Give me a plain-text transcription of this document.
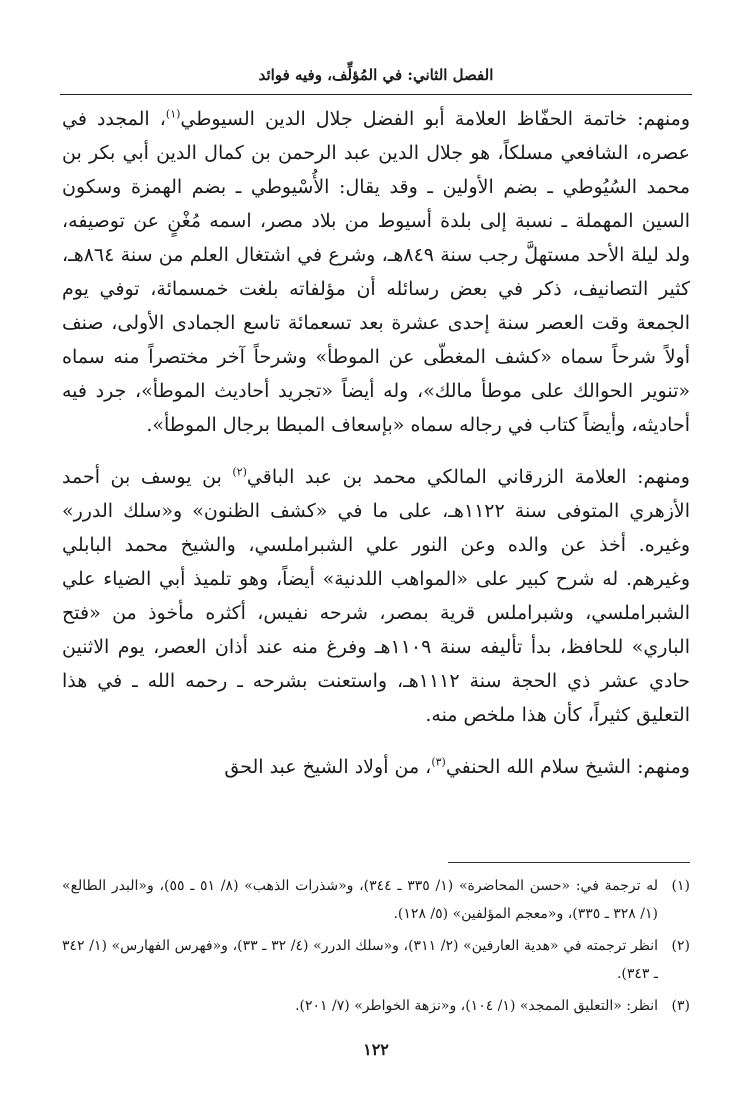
الفصل الثاني: في المُؤلِّف، وفيه فوائد

ومنهم: خاتمة الحفّاظ العلامة أبو الفضل جلال الدين السيوطي$^{(١)}$، المجدد في عصره، الشافعي مسلكاً، هو جلال الدين عبد الرحمن بن كمال الدين أبي بكر بن محمد السُيُوطي ـ بضم الأولين ـ وقد يقال: الأُسْيوطي ـ بضم الهمزة وسكون السين المهملة ـ نسبة إلى بلدة أسيوط من بلاد مصر، اسمه مُغْنٍ عن توصيفه، ولد ليلة الأحد مستهلَّ رجب سنة ٨٤٩هـ، وشرع في اشتغال العلم من سنة ٨٦٤هـ، كثير التصانيف، ذكر في بعض رسائله أن مؤلفاته بلغت خمسمائة، توفي يوم الجمعة وقت العصر سنة إحدى عشرة بعد تسعمائة تاسع الجمادى الأولى، صنف أولاً شرحاً سماه «كشف المغطّى عن الموطأ» وشرحاً آخر مختصراً منه سماه «تنوير الحوالك على موطأ مالك»، وله أيضاً «تجريد أحاديث الموطأ»، جرد فيه أحاديثه، وأيضاً كتاب في رجاله سماه «بإسعاف المبطا برجال الموطأ».

ومنهم: العلامة الزرقاني المالكي محمد بن عبد الباقي$^{(٢)}$ بن يوسف بن أحمد الأزهري المتوفى سنة ١١٢٢هـ، على ما في «كشف الظنون» و«سلك الدرر» وغيره. أخذ عن والده وعن النور علي الشبراملسي، والشيخ محمد البابلي وغيرهم. له شرح كبير على «المواهب اللدنية» أيضاً، وهو تلميذ أبي الضياء علي الشبراملسي، وشبراملس قرية بمصر، شرحه نفيس، أكثره مأخوذ من «فتح الباري» للحافظ، بدأ تأليفه سنة ١١٠٩هـ وفرغ منه عند أذان العصر، يوم الاثنين حادي عشر ذي الحجة سنة ١١١٢هـ، واستعنت بشرحه ـ رحمه الله ـ في هذا التعليق كثيراً، كأن هذا ملخص منه.

ومنهم: الشيخ سلام الله الحنفي$^{(٣)}$، من أولاد الشيخ عبد الحق

(١)
له ترجمة في: «حسن المحاضرة» (١/ ٣٣٥ ـ ٣٤٤)، و«شذرات الذهب» (٨/ ٥١ ـ ٥٥)، و«البدر الطالع» (١/ ٣٢٨ ـ ٣٣٥)، و«معجم المؤلفين» (٥/ ١٢٨).
(٢)
انظر ترجمته في «هدية العارفين» (٢/ ٣١١)، و«سلك الدرر» (٤/ ٣٢ ـ ٣٣)، و«فهرس الفهارس» (١/ ٣٤٢ ـ ٣٤٣).
(٣)
انظر: «التعليق الممجد» (١/ ١٠٤)، و«نزهة الخواطر» (٧/ ٢٠١).
١٢٢
